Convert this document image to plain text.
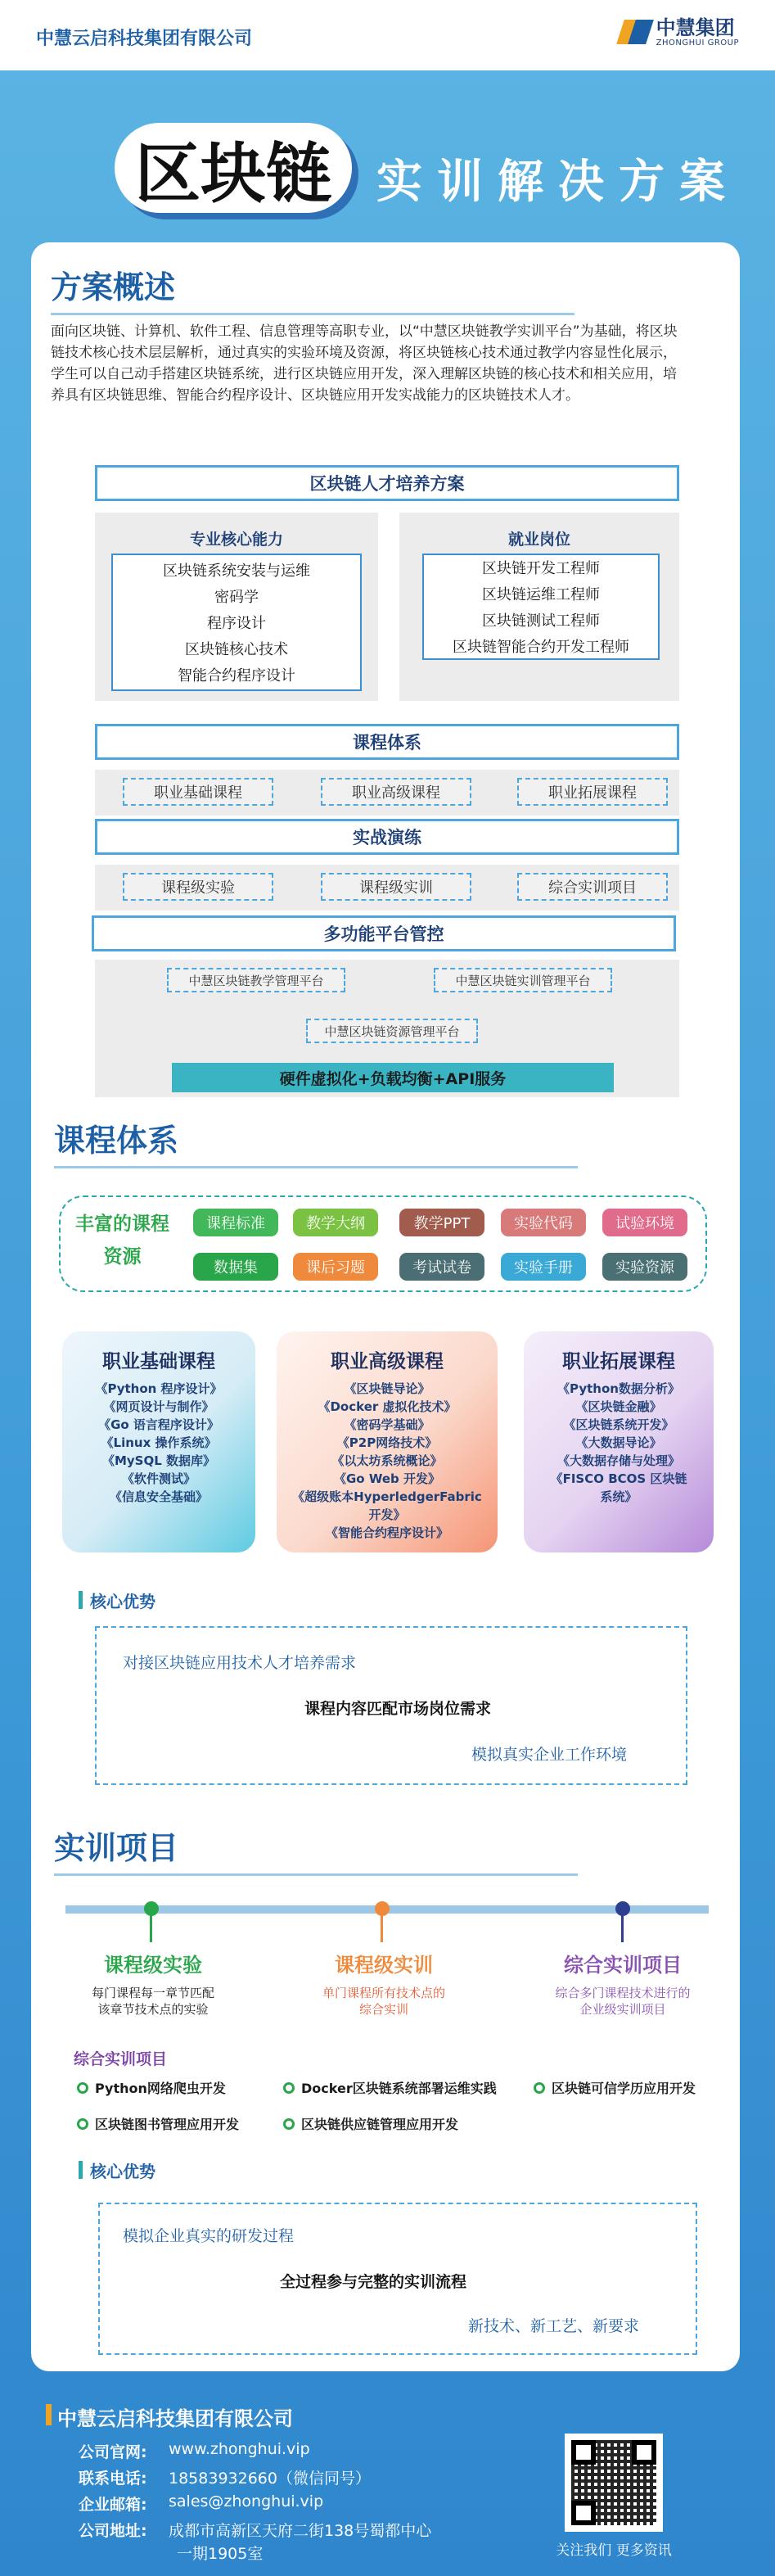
中慧云启科技集团有限公司	中慧集团
ZHONGHUI GROUP
区块链 实训解决方案
方案概述
面向区块链、计算机、软件工程、信息管理等高职专业，以“中慧区块链教学实训平台”为基础，将区块链技术核心技术层层解析，通过真实的实验环境及资源，将区块链核心技术通过教学内容显性化展示，学生可以自己动手搭建区块链系统，进行区块链应用开发，深入理解区块链的核心技术和相关应用，培养具有区块链思维、智能合约程序设计、区块链应用开发实战能力的区块链技术人才。
区块链人才培养方案
专业核心能力
区块链系统安装与运维
密码学
程序设计
区块链核心技术
智能合约程序设计
就业岗位
区块链开发工程师
区块链运维工程师
区块链测试工程师
区块链智能合约开发工程师
课程体系
职业基础课程	职业高级课程	职业拓展课程
实战演练
课程级实验	课程级实训	综合实训项目
多功能平台管控
中慧区块链教学管理平台	中慧区块链实训管理平台
中慧区块链资源管理平台
硬件虚拟化+负载均衡+API服务
课程体系
丰富的课程资源
课程标准	教学大纲	教学PPT	实验代码	试验环境
数据集	课后习题	考试试卷	实验手册	实验资源
职业基础课程
《Python 程序设计》
《网页设计与制作》
《Go 语言程序设计》
《Linux 操作系统》
《MySQL 数据库》
《软件测试》
《信息安全基础》
职业高级课程
《区块链导论》
《Docker 虚拟化技术》
《密码学基础》
《P2P网络技术》
《以太坊系统概论》
《Go Web 开发》
《超级账本HyperledgerFabric
开发》
《智能合约程序设计》
职业拓展课程
《Python数据分析》
《区块链金融》
《区块链系统开发》
《大数据导论》
《大数据存储与处理》
《FISCO BCOS 区块链
系统》
核心优势
对接区块链应用技术人才培养需求
课程内容匹配市场岗位需求
模拟真实企业工作环境
实训项目
课程级实验
每门课程每一章节匹配
该章节技术点的实验
课程级实训
单门课程所有技术点的
综合实训
综合实训项目
综合多门课程技术进行的
企业级实训项目
综合实训项目
Python网络爬虫开发	Docker区块链系统部署运维实践	区块链可信学历应用开发
区块链图书管理应用开发	区块链供应链管理应用开发
核心优势
模拟企业真实的研发过程
全过程参与完整的实训流程
新技术、新工艺、新要求
中慧云启科技集团有限公司
公司官网:	www.zhonghui.vip
联系电话:	18583932660（微信同号）
企业邮箱:	sales@zhonghui.vip
公司地址:	成都市高新区天府二街138号蜀都中心
一期1905室	关注我们 更多资讯
